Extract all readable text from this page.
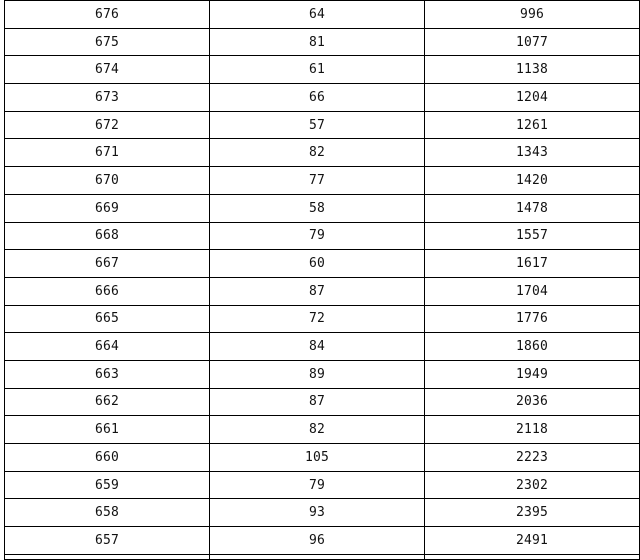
676	64	996
675	81	1077
674	61	1138
673	66	1204
672	57	1261
671	82	1343
670	77	1420
669	58	1478
668	79	1557
667	60	1617
666	87	1704
665	72	1776
664	84	1860
663	89	1949
662	87	2036
661	82	2118
660	105	2223
659	79	2302
658	93	2395
657	96	2491
